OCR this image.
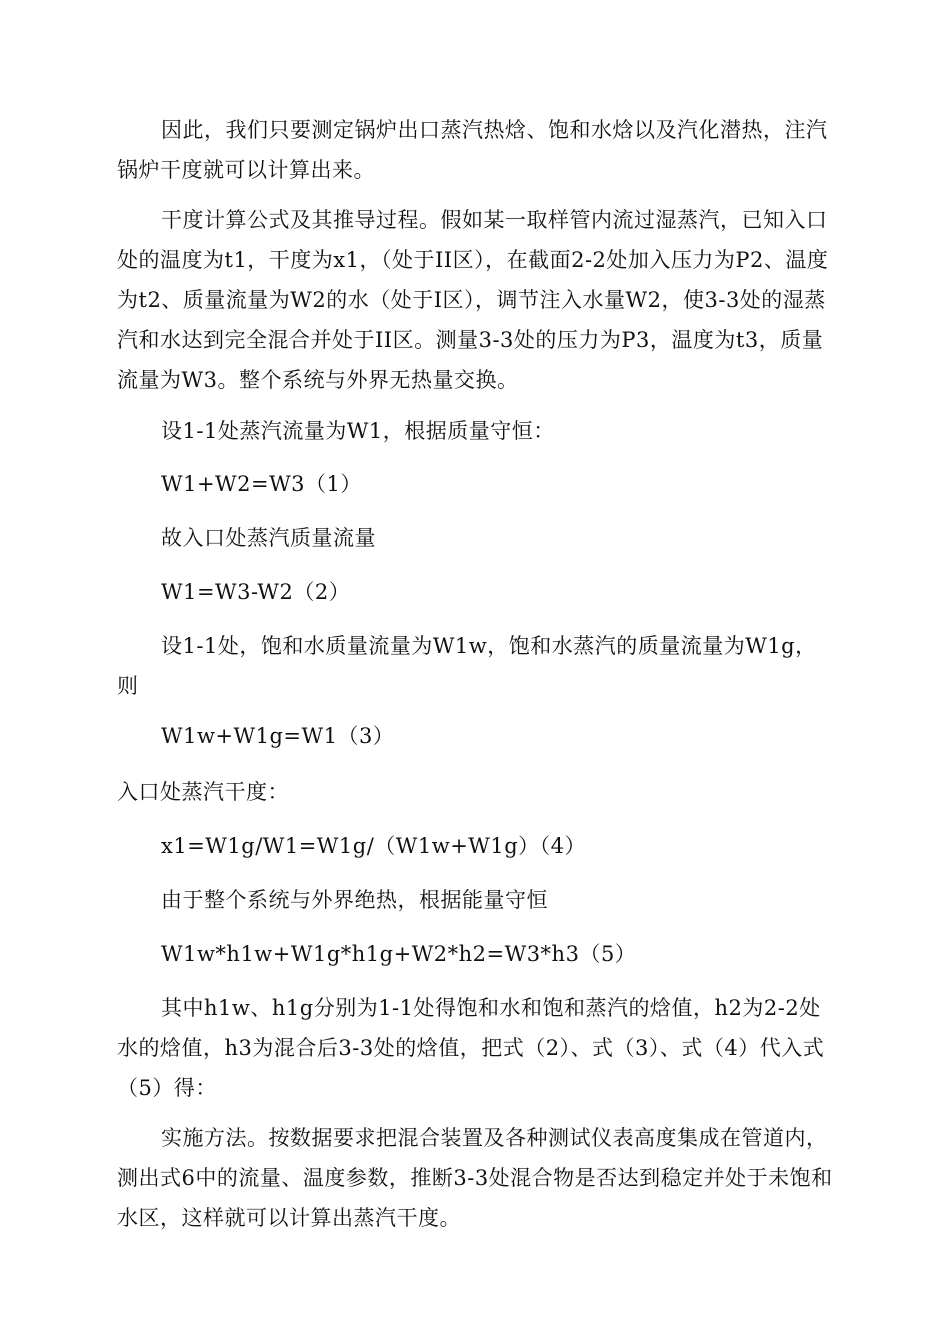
因此，我们只要测定锅炉出口蒸汽热焓、饱和水焓以及汽化潜热，注汽锅炉干度就可以计算出来。

干度计算公式及其推导过程。假如某一取样管内流过湿蒸汽，已知入口处的温度为t1，干度为x1，（处于II区），在截面2-2处加入压力为P2、温度为t2、质量流量为W2的水（处于I区），调节注入水量W2，使3-3处的湿蒸汽和水达到完全混合并处于II区。测量3-3处的压力为P3，温度为t3，质量流量为W3。整个系统与外界无热量交换。

设1-1处蒸汽流量为W1，根据质量守恒：

W1+W2=W3（1）

故入口处蒸汽质量流量

W1=W3-W2（2）

设1-1处，饱和水质量流量为W1w，饱和水蒸汽的质量流量为W1g，则

W1w+W1g=W1（3）

入口处蒸汽干度：

x1=W1g/W1=W1g/（W1w+W1g）（4）

由于整个系统与外界绝热，根据能量守恒

W1w*h1w+W1g*h1g+W2*h2=W3*h3（5）

其中h1w、h1g分别为1-1处得饱和水和饱和蒸汽的焓值，h2为2-2处水的焓值，h3为混合后3-3处的焓值，把式（2）、式（3）、式（4）代入式（5）得：

实施方法。按数据要求把混合装置及各种测试仪表高度集成在管道内，测出式6中的流量、温度参数，推断3-3处混合物是否达到稳定并处于未饱和水区，这样就可以计算出蒸汽干度。
